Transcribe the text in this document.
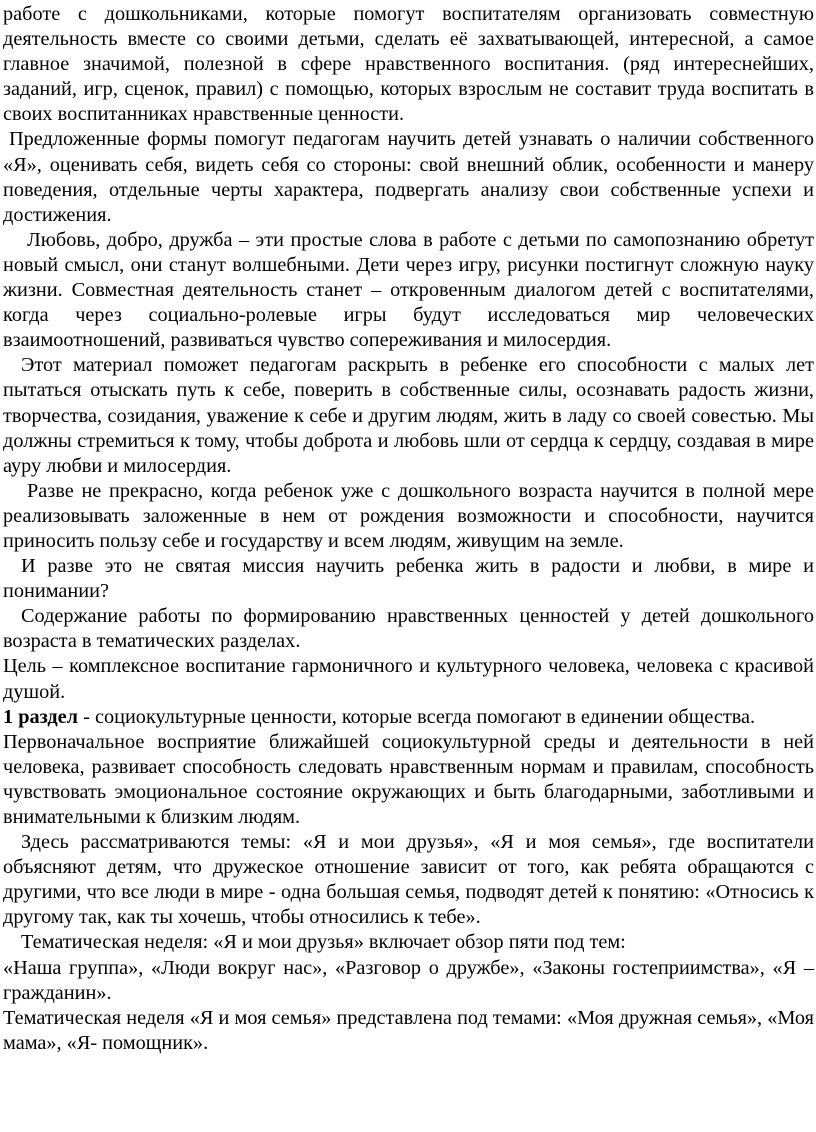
работе с дошкольниками, которые помогут воспитателям организовать совместную деятельность вместе со своими детьми, сделать её захватывающей, интересной, а самое главное значимой, полезной в сфере нравственного воспитания. (ряд интереснейших, заданий, игр, сценок, правил) с помощью, которых взрослым не составит труда воспитать в своих воспитанниках нравственные ценности.

Предложенные формы помогут педагогам научить детей узнавать о наличии собственного «Я», оценивать себя, видеть себя со стороны: свой внешний облик, особенности и манеру поведения, отдельные черты характера, подвергать анализу свои собственные успехи и достижения.

Любовь, добро, дружба – эти простые слова в работе с детьми по самопознанию обретут новый смысл, они станут волшебными. Дети через игру, рисунки постигнут сложную науку жизни. Совместная деятельность станет – откровенным диалогом детей с воспитателями, когда через социально-ролевые игры будут исследоваться мир человеческих взаимоотношений, развиваться чувство сопереживания и милосердия.

Этот материал поможет педагогам раскрыть в ребенке его способности с малых лет пытаться отыскать путь к себе, поверить в собственные силы, осознавать радость жизни, творчества, созидания, уважение к себе и другим людям, жить в ладу со своей совестью. Мы должны стремиться к тому, чтобы доброта и любовь шли от сердца к сердцу, создавая в мире ауру любви и милосердия.

Разве не прекрасно, когда ребенок уже с дошкольного возраста научится в полной мере реализовывать заложенные в нем от рождения возможности и способности, научится приносить пользу себе и государству и всем людям, живущим на земле.

И разве это не святая миссия научить ребенка жить в радости и любви, в мире и понимании?

Содержание работы по формированию нравственных ценностей у детей дошкольного возраста в тематических разделах.

Цель – комплексное воспитание гармоничного и культурного человека, человека с красивой душой.

1 раздел - социокультурные ценности, которые всегда помогают в единении общества.

Первоначальное восприятие ближайшей социокультурной среды и деятельности в ней человека, развивает способность следовать нравственным нормам и правилам, способность чувствовать эмоциональное состояние окружающих и быть благодарными, заботливыми и внимательными к близким людям.

Здесь рассматриваются темы: «Я и мои друзья», «Я и моя семья», где воспитатели объясняют детям, что дружеское отношение зависит от того, как ребята обращаются с другими, что все люди в мире - одна большая семья, подводят детей к понятию: «Относись к другому так, как ты хочешь, чтобы относились к тебе».

Тематическая неделя: «Я и мои друзья» включает обзор пяти под тем:

«Наша группа», «Люди вокруг нас», «Разговор о дружбе», «Законы гостеприимства», «Я – гражданин».

Тематическая неделя «Я и моя семья» представлена под темами: «Моя дружная семья», «Моя мама», «Я- помощник».
